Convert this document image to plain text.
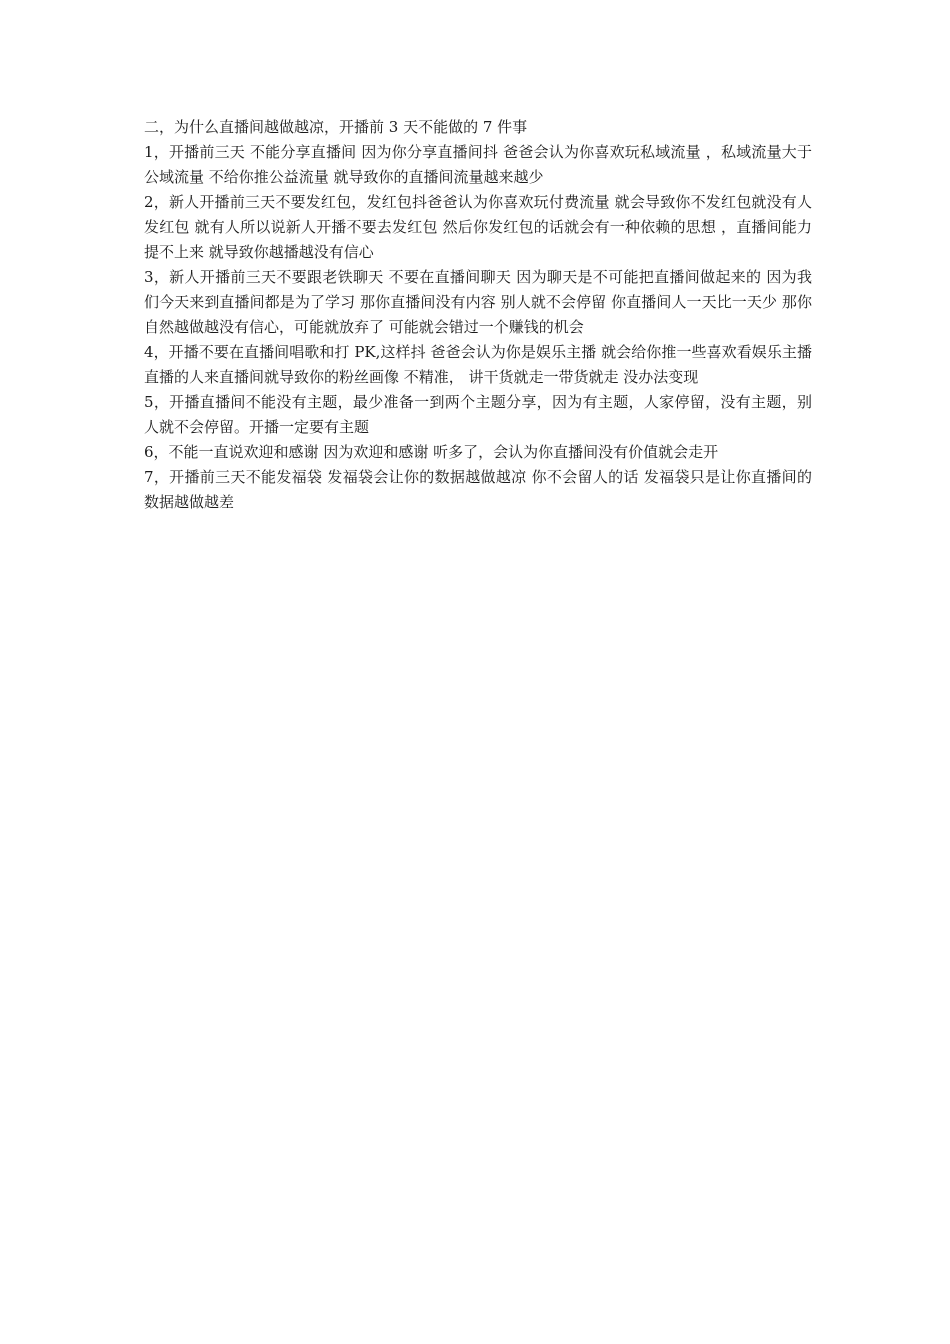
二，为什么直播间越做越凉，开播前 3 天不能做的 7 件事

1，开播前三天 不能分享直播间 因为你分享直播间抖 爸爸会认为你喜欢玩私域流量 ，私域流量大于公域流量 不给你推公益流量 就导致你的直播间流量越来越少

2，新人开播前三天不要发红包，发红包抖爸爸认为你喜欢玩付费流量 就会导致你不发红包就没有人发红包 就有人所以说新人开播不要去发红包 然后你发红包的话就会有一种依赖的思想 ，直播间能力提不上来 就导致你越播越没有信心

3，新人开播前三天不要跟老铁聊天 不要在直播间聊天 因为聊天是不可能把直播间做起来的 因为我们今天来到直播间都是为了学习 那你直播间没有内容 别人就不会停留 你直播间人一天比一天少 那你自然越做越没有信心，可能就放弃了 可能就会错过一个赚钱的机会

4，开播不要在直播间唱歌和打 PK,这样抖 爸爸会认为你是娱乐主播 就会给你推一些喜欢看娱乐主播直播的人来直播间就导致你的粉丝画像 不精准， 讲干货就走一带货就走 没办法变现

5，开播直播间不能没有主题，最少准备一到两个主题分享，因为有主题，人家停留，没有主题，别人就不会停留。开播一定要有主题

6，不能一直说欢迎和感谢 因为欢迎和感谢 听多了，会认为你直播间没有价值就会走开

7，开播前三天不能发福袋 发福袋会让你的数据越做越凉 你不会留人的话 发福袋只是让你直播间的数据越做越差
